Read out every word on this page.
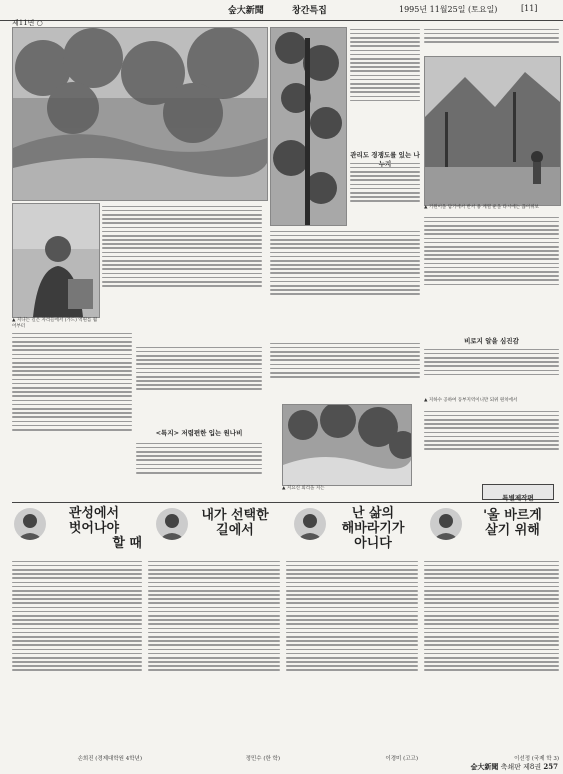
숲大新聞	창간특집	1995년 11월25일 (토요일)	[11]
제11면 ○
▲ 기원이을 담기에서 반서 용 계열 운을 타시에는 끊이위보
▲ 지나는 길은 자리들에서 (가드) 역원를 월어부터
관리도 경쟁도를 있는 나
<특지> 저렴편한 입는 원나비
▲ 지요신 외리을 지는
비로지 알을 심진감
▲ 지하수 공하여 동부지역이니만 되위 원치에서
특별제작편
관성에서
벗어나야
할 때
손희진 (경제대학원 4학년)
내가 선택한
길에서
정민수 (한 학)
난 삶의
해바라기가
아니다
이경미 (고고)
'울 바르게
살기 위해
이선정 (국제 학 3)
숲大新聞 축쇄판 제8권 257
